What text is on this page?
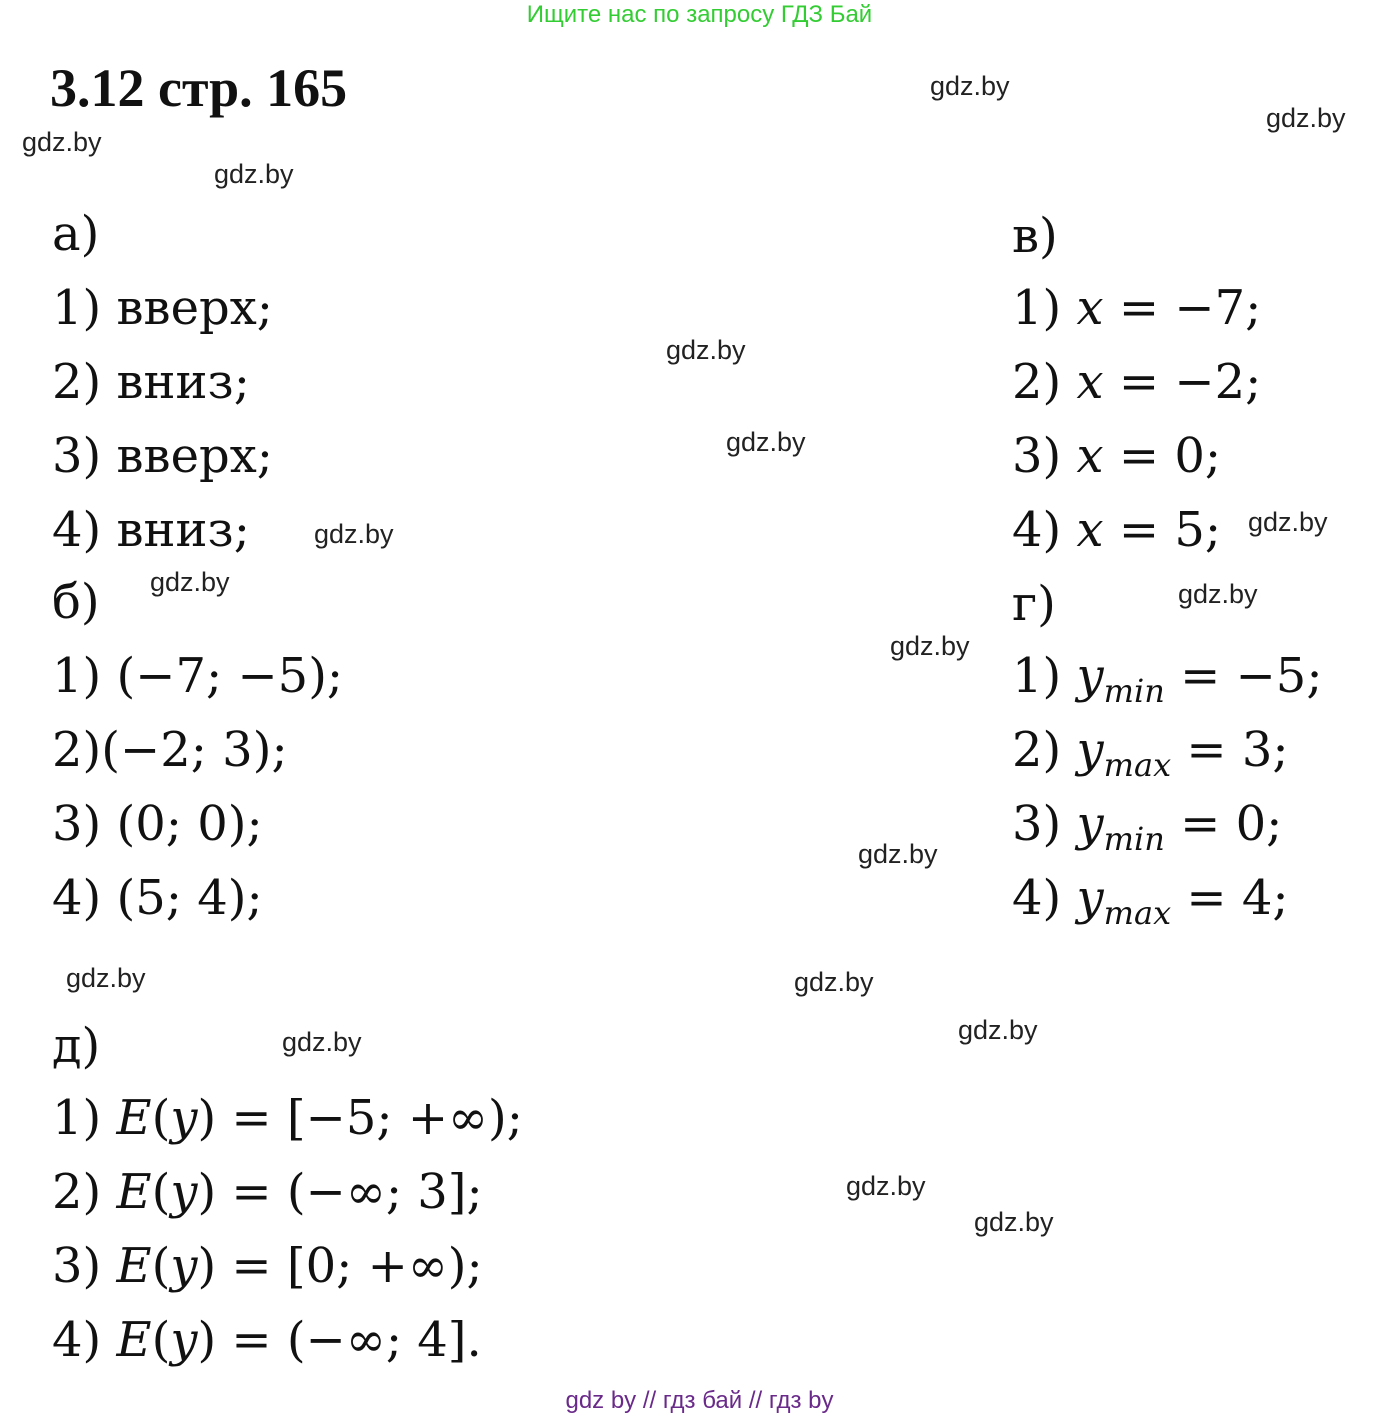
Ищите нас по запросу ГДЗ Бай
3.12 стр. 165	gdz.by
gdz.by
gdz.by
gdz.by
gdz.by
gdz.by
gdz.by	gdz.by
gdz.by	gdz.by
gdz.by
gdz.by
gdz.by	gdz.by
gdz.by
gdz.by
gdz.by
gdz.by
а)
1) вверх;
2) вниз;
3) вверх;
4) вниз;
б)
1) (−7; −5);
2)(−2; 3);
3) (0; 0);
4) (5; 4);
в)
1) x = −7;
2) x = −2;
3) x = 0;
4) x = 5;
г)
1) $y_{min} = -5$;
2) $y_{max} = 3$;
3) $y_{min} = 0$;
4) $y_{max} = 4$;
д)
1) E(y) = [−5; +∞);
2) E(y) = (−∞; 3];
3) E(y) = [0; +∞);
4) E(y) = (−∞; 4].
gdz by // гдз бай // гдз by
